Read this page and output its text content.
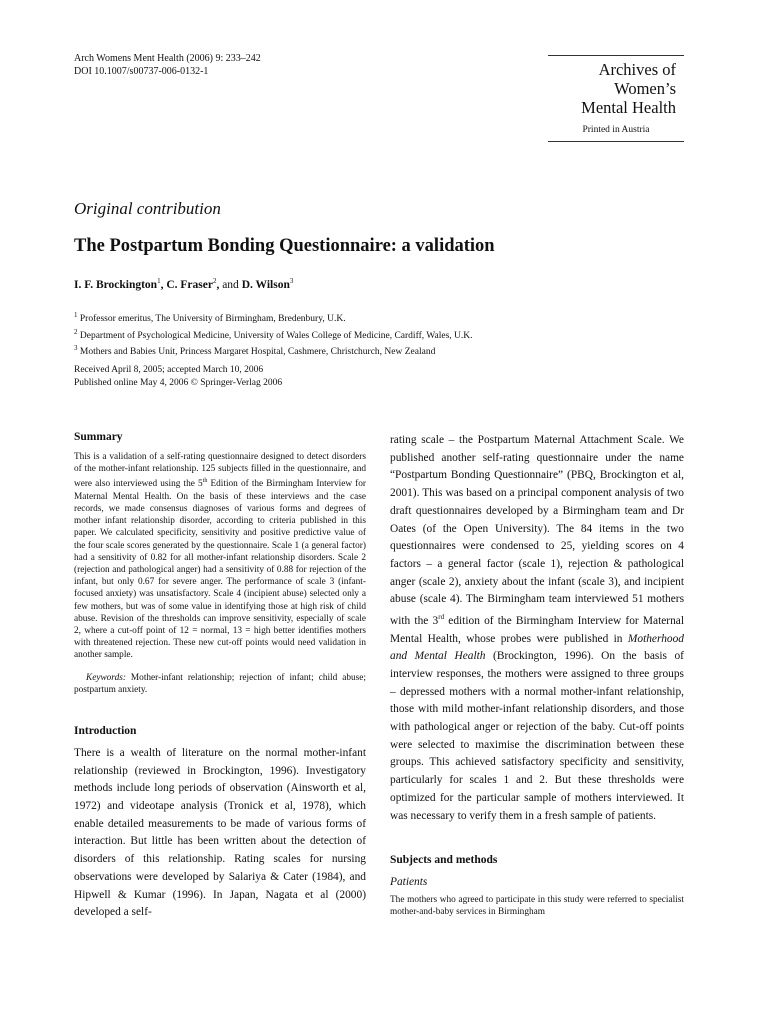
Arch Womens Ment Health (2006) 9: 233–242
DOI 10.1007/s00737-006-0132-1	Archives of
Women’s
Mental Health
Printed in Austria
Original contribution
The Postpartum Bonding Questionnaire: a validation
I. F. Brockington$^1$, C. Fraser$^2$, and D. Wilson$^3$
$^1$ Professor emeritus, The University of Birmingham, Bredenbury, U.K.
$^2$ Department of Psychological Medicine, University of Wales College of Medicine, Cardiff, Wales, U.K.
$^3$ Mothers and Babies Unit, Princess Margaret Hospital, Cashmere, Christchurch, New Zealand
Received April 8, 2005; accepted March 10, 2006
Published online May 4, 2006 © Springer-Verlag 2006
Summary

This is a validation of a self-rating questionnaire designed to detect disorders of the mother-infant relationship. 125 subjects filled in the questionnaire, and were also interviewed using the 5th Edition of the Birmingham Interview for Maternal Mental Health. On the basis of these interviews and the case records, we made consensus diagnoses of various forms and degrees of mother infant relationship disorder, according to criteria published in this paper. We calculated specificity, sensitivity and positive predictive value of the four scale scores generated by the questionnaire. Scale 1 (a general factor) had a sensitivity of 0.82 for all mother-infant relationship disorders. Scale 2 (rejection and pathological anger) had a sensitivity of 0.88 for rejection of the infant, but only 0.67 for severe anger. The performance of scale 3 (infant-focused anxiety) was unsatisfactory. Scale 4 (incipient abuse) selected only a few mothers, but was of some value in identifying those at high risk of child abuse. Revision of the thresholds can improve sensitivity, especially of scale 2, where a cut-off point of 12 = normal, 13 = high better identifies mothers with threatened rejection. These new cut-off points would need validation in another sample.

Keywords: Mother-infant relationship; rejection of infant; child abuse; postpartum anxiety.

Introduction

There is a wealth of literature on the normal mother-infant relationship (reviewed in Brockington, 1996). Investigatory methods include long periods of observation (Ainsworth et al, 1972) and videotape analysis (Tronick et al, 1978), which enable detailed measurements to be made of various forms of interaction. But little has been written about the detection of disorders of this relationship. Rating scales for nursing observations were developed by Salariya & Cater (1984), and Hipwell & Kumar (1996). In Japan, Nagata et al (2000) developed a self-

rating scale – the Postpartum Maternal Attachment Scale. We published another self-rating questionnaire under the name “Postpartum Bonding Questionnaire” (PBQ, Brockington et al, 2001). This was based on a principal component analysis of two draft questionnaires developed by a Birmingham team and Dr Oates (of the Open University). The 84 items in the two questionnaires were condensed to 25, yielding scores on 4 factors – a general factor (scale 1), rejection & pathological anger (scale 2), anxiety about the infant (scale 3), and incipient abuse (scale 4). The Birmingham team interviewed 51 mothers with the 3rd edition of the Birmingham Interview for Maternal Mental Health, whose probes were published in Motherhood and Mental Health (Brockington, 1996). On the basis of interview responses, the mothers were assigned to three groups – depressed mothers with a normal mother-infant relationship, those with mild mother-infant relationship disorders, and those with pathological anger or rejection of the baby. Cut-off points were selected to maximise the discrimination between these groups. This achieved satisfactory specificity and sensitivity, particularly for scales 1 and 2. But these thresholds were optimized for the particular sample of mothers interviewed. It was necessary to verify them in a fresh sample of patients.

Subjects and methods

Patients

The mothers who agreed to participate in this study were referred to specialist mother-and-baby services in Birmingham
